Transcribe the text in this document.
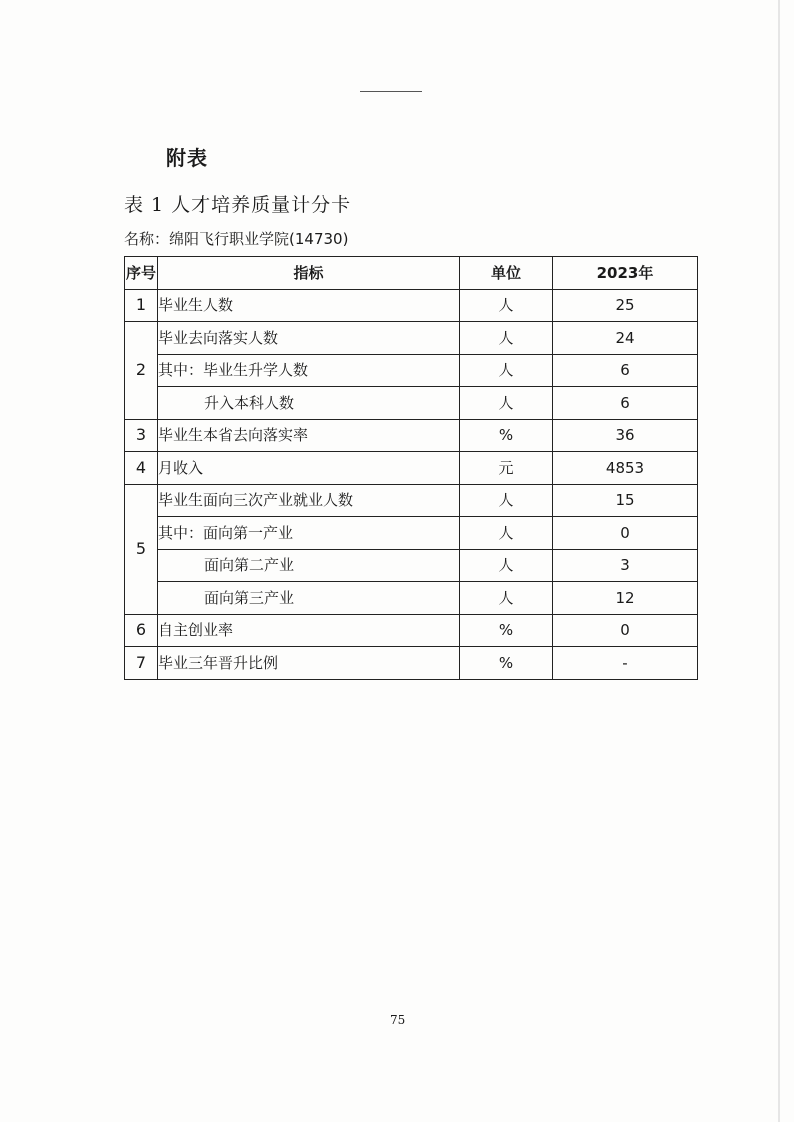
附表
表 1 人才培养质量计分卡
名称：绵阳飞行职业学院(14730)
序号	指标	单位	2023年
1	毕业生人数	人	25
2	毕业去向落实人数	人	24
	其中：毕业生升学人数	人	6
	升入本科人数	人	6
3	毕业生本省去向落实率	%	36
4	月收入	元	4853
5	毕业生面向三次产业就业人数	人	15
	其中：面向第一产业	人	0
	面向第二产业	人	3
	面向第三产业	人	12
6	自主创业率	%	0
7	毕业三年晋升比例	%	-
75
